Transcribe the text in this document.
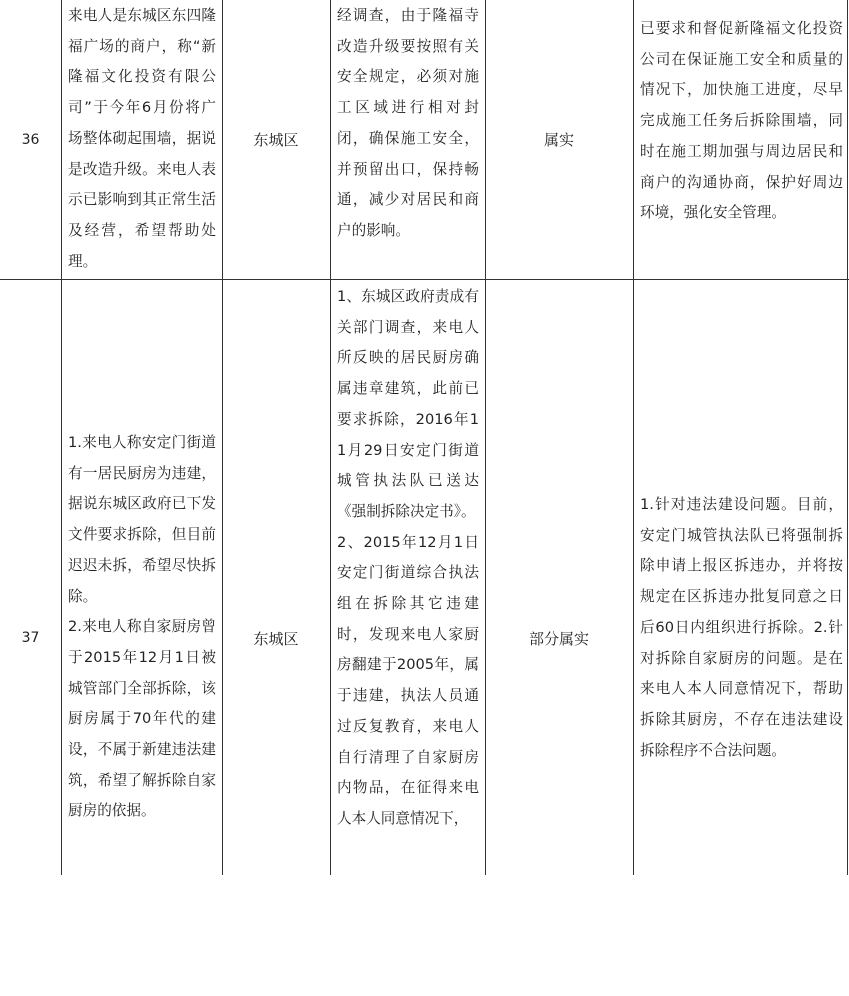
36

来电人是东城区东四隆福广场的商户，称“新隆福文化投资有限公司”于今年6月份将广场整体砌起围墙，据说是改造升级。来电人表示已影响到其正常生活及经营，希望帮助处理。

东城区

经调查，由于隆福寺改造升级要按照有关安全规定，必须对施工区域进行相对封闭，确保施工安全，并预留出口，保持畅通，减少对居民和商户的影响。

属实

已要求和督促新隆福文化投资公司在保证施工安全和质量的情况下，加快施工进度，尽早完成施工任务后拆除围墙，同时在施工期加强与周边居民和商户的沟通协商，保护好周边环境，强化安全管理。

37

1.来电人称安定门街道有一居民厨房为违建，据说东城区政府已下发文件要求拆除，但目前迟迟未拆，希望尽快拆除。

2.来电人称自家厨房曾于2015年12月1日被城管部门全部拆除，该厨房属于70年代的建设，不属于新建违法建筑，希望了解拆除自家厨房的依据。

东城区

1、东城区政府责成有关部门调查，来电人所反映的居民厨房确属违章建筑，此前已要求拆除，2016年11月29日安定门街道城管执法队已送达《强制拆除决定书》。

2、2015年12月1日安定门街道综合执法组在拆除其它违建时，发现来电人家厨房翻建于2005年，属于违建，执法人员通过反复教育，来电人自行清理了自家厨房内物品，在征得来电人本人同意情况下，

部分属实

1.针对违法建设问题。目前，安定门城管执法队已将强制拆除申请上报区拆违办，并将按规定在区拆违办批复同意之日后60日内组织进行拆除。2.针对拆除自家厨房的问题。是在来电人本人同意情况下，帮助拆除其厨房，不存在违法建设拆除程序不合法问题。
